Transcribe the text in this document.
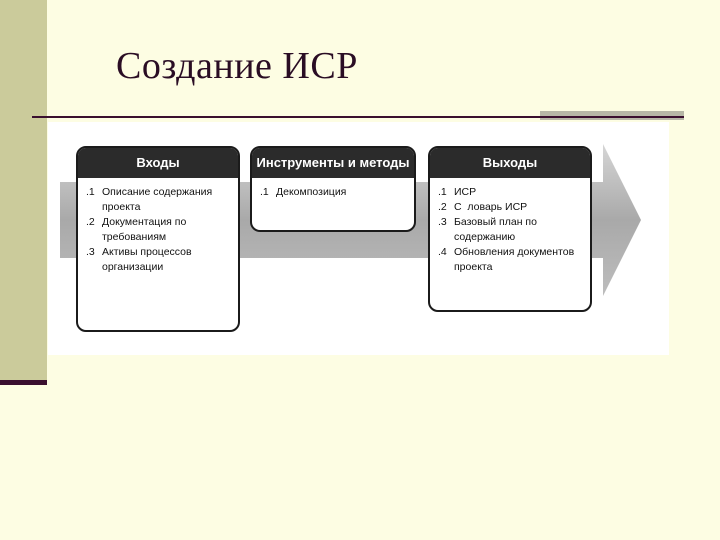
Создание ИСР
Входы
.1 Описание содержания
проекта
.2 Документация по
требованиям
.3 Активы процессов
организации
Инструменты и методы
.1 Декомпозиция
Выходы
.1 ИСР
.2 С  ловарь ИСР
.3 Базовый план по содержанию
.4 Обновления документов
проекта
